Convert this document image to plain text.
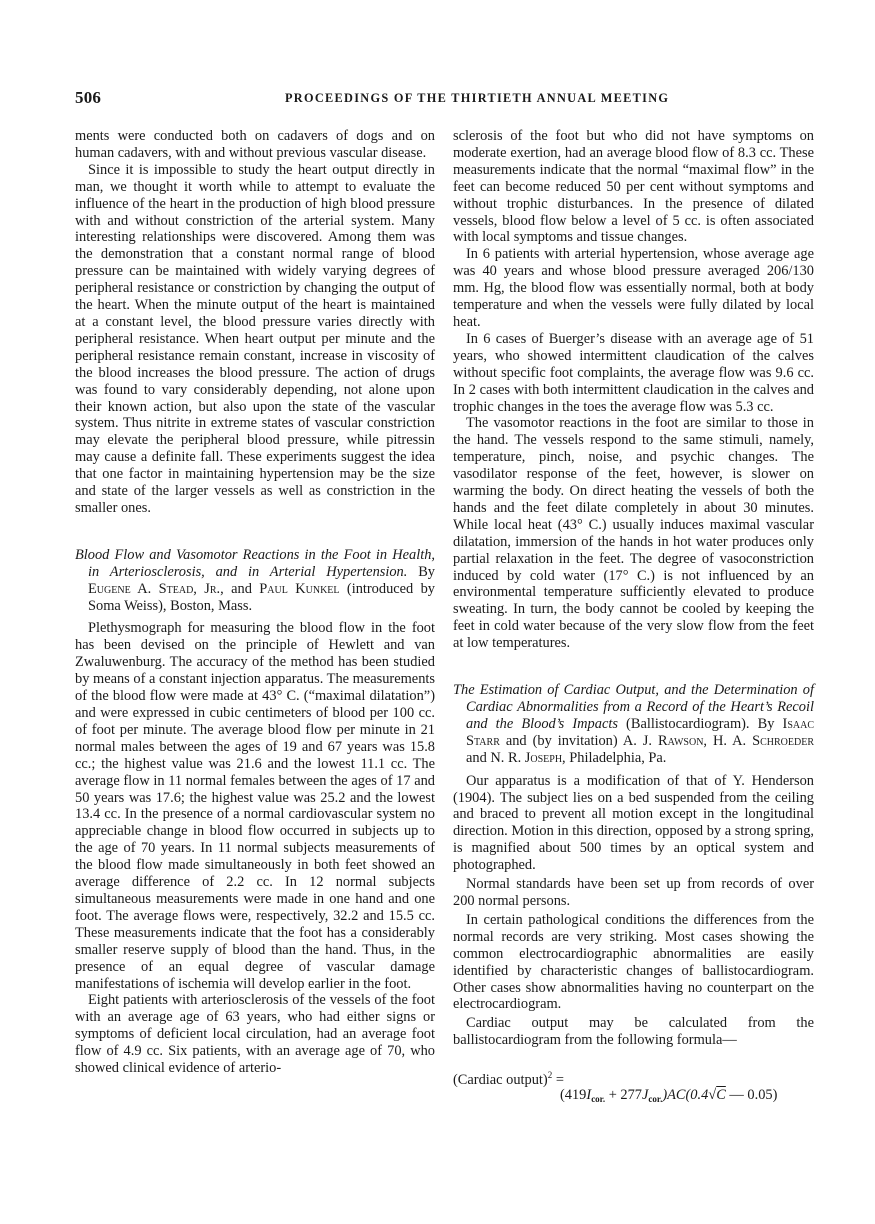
506	PROCEEDINGS OF THE THIRTIETH ANNUAL MEETING

ments were conducted both on cadavers of dogs and on human cadavers, with and without previous vascular disease.

Since it is impossible to study the heart output directly in man, we thought it worth while to attempt to evaluate the influence of the heart in the production of high blood pressure with and without constriction of the arterial system. Many interesting relationships were discovered. Among them was the demonstration that a constant normal range of blood pressure can be maintained with widely varying degrees of peripheral resistance or constriction by changing the output of the heart. When the minute output of the heart is maintained at a constant level, the blood pressure varies directly with peripheral resistance. When heart output per minute and the peripheral resistance remain constant, increase in viscosity of the blood increases the blood pressure. The action of drugs was found to vary considerably depending, not alone upon their known action, but also upon the state of the vascular system. Thus nitrite in extreme states of vascular constriction may elevate the peripheral blood pressure, while pitressin may cause a definite fall. These experiments suggest the idea that one factor in maintaining hypertension may be the size and state of the larger vessels as well as constriction in the smaller ones.

Blood Flow and Vasomotor Reactions in the Foot in Health, in Arteriosclerosis, and in Arterial Hypertension. By Eugene A. Stead, Jr., and Paul Kunkel (introduced by Soma Weiss), Boston, Mass.

Plethysmograph for measuring the blood flow in the foot has been devised on the principle of Hewlett and van Zwaluwenburg. The accuracy of the method has been studied by means of a constant injection apparatus. The measurements of the blood flow were made at 43° C. (“maximal dilatation”) and were expressed in cubic centimeters of blood per 100 cc. of foot per minute. The average blood flow per minute in 21 normal males between the ages of 19 and 67 years was 15.8 cc.; the highest value was 21.6 and the lowest 11.1 cc. The average flow in 11 normal females between the ages of 17 and 50 years was 17.6; the highest value was 25.2 and the lowest 13.4 cc. In the presence of a normal cardiovascular system no appreciable change in blood flow occurred in subjects up to the age of 70 years. In 11 normal subjects measurements of the blood flow made simultaneously in both feet showed an average difference of 2.2 cc. In 12 normal subjects simultaneous measurements were made in one hand and one foot. The average flows were, respectively, 32.2 and 15.5 cc. These measurements indicate that the foot has a considerably smaller reserve supply of blood than the hand. Thus, in the presence of an equal degree of vascular damage manifestations of ischemia will develop earlier in the foot.

Eight patients with arteriosclerosis of the vessels of the foot with an average age of 63 years, who had either signs or symptoms of deficient local circulation, had an average foot flow of 4.9 cc. Six patients, with an average age of 70, who showed clinical evidence of arterio-

sclerosis of the foot but who did not have symptoms on moderate exertion, had an average blood flow of 8.3 cc. These measurements indicate that the normal “maximal flow” in the feet can become reduced 50 per cent without symptoms and without trophic disturbances. In the presence of dilated vessels, blood flow below a level of 5 cc. is often associated with local symptoms and tissue changes.

In 6 patients with arterial hypertension, whose average age was 40 years and whose blood pressure averaged 206/130 mm. Hg, the blood flow was essentially normal, both at body temperature and when the vessels were fully dilated by local heat.

In 6 cases of Buerger’s disease with an average age of 51 years, who showed intermittent claudication of the calves without specific foot complaints, the average flow was 9.6 cc. In 2 cases with both intermittent claudication in the calves and trophic changes in the toes the average flow was 5.3 cc.

The vasomotor reactions in the foot are similar to those in the hand. The vessels respond to the same stimuli, namely, temperature, pinch, noise, and psychic changes. The vasodilator response of the feet, however, is slower on warming the body. On direct heating the vessels of both the hands and the feet dilate completely in about 30 minutes. While local heat (43° C.) usually induces maximal vascular dilatation, immersion of the hands in hot water produces only partial relaxation in the feet. The degree of vasoconstriction induced by cold water (17° C.) is not influenced by an environmental temperature sufficiently elevated to produce sweating. In turn, the body cannot be cooled by keeping the feet in cold water because of the very slow flow from the feet at low temperatures.

The Estimation of Cardiac Output, and the Determination of Cardiac Abnormalities from a Record of the Heart’s Recoil and the Blood’s Impacts (Ballistocardiogram). By Isaac Starr and (by invitation) A. J. Rawson, H. A. Schroeder and N. R. Joseph, Philadelphia, Pa.

Our apparatus is a modification of that of Y. Henderson (1904). The subject lies on a bed suspended from the ceiling and braced to prevent all motion except in the longitudinal direction. Motion in this direction, opposed by a strong spring, is magnified about 500 times by an optical system and photographed.

Normal standards have been set up from records of over 200 normal persons.

In certain pathological conditions the differences from the normal records are very striking. Most cases showing the common electrocardiographic abnormalities are easily identified by characteristic changes of ballistocardiogram. Other cases show abnormalities having no counterpart on the electrocardiogram.

Cardiac output may be calculated from the ballistocardiogram from the following formula—

(Cardiac output)$^2$ =
$(419I_{cor.} + 277J_{cor.})AC(0.4√C$ — 0.05)
